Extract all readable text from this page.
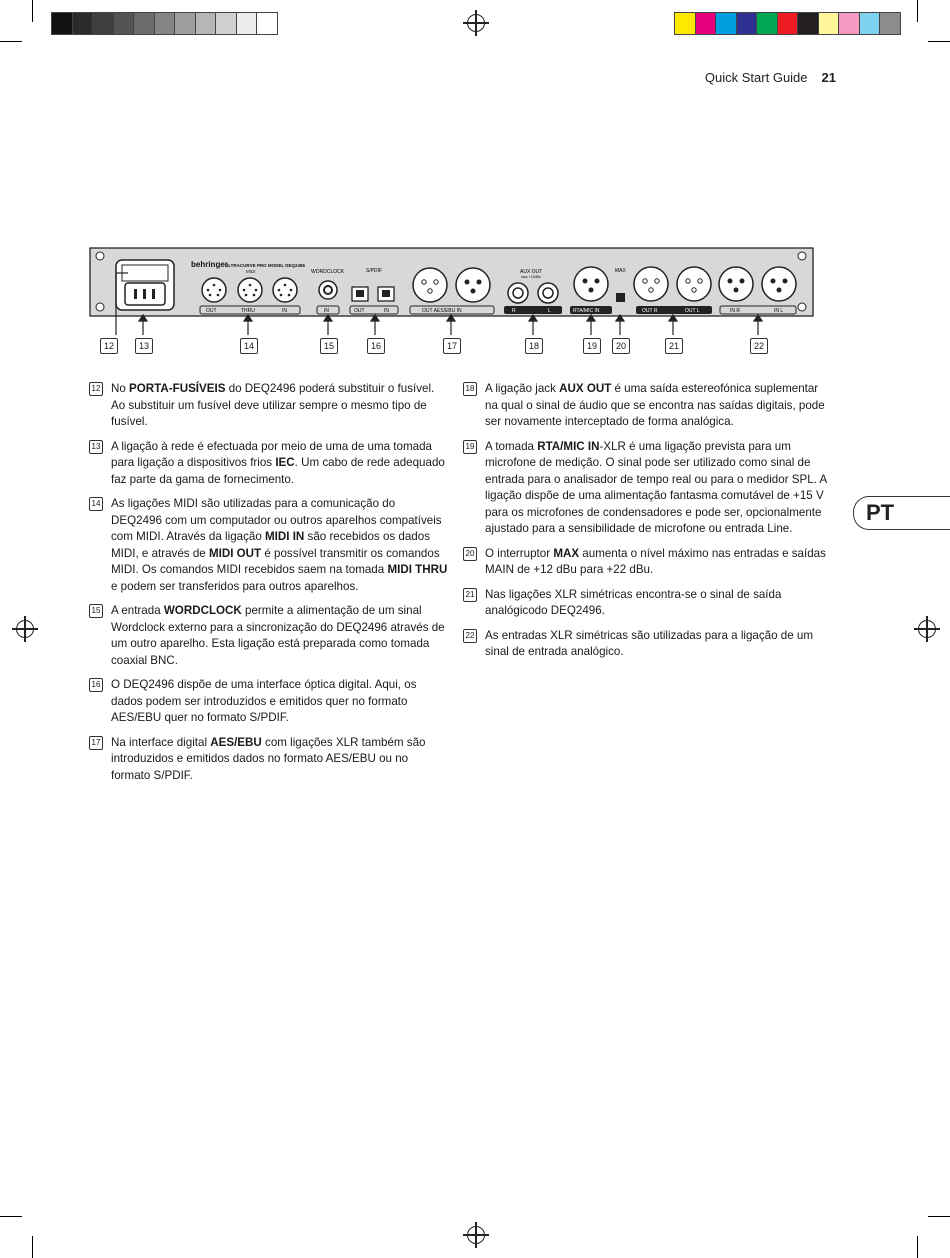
Quick Start Guide 21
behringer
ULTRACURVE PRO MODEL DEQ2496
MIDI
OUT	THRU	IN
WORDCLOCK
IN
S/PDIF
OUT	IN	OUT AES/EBU IN
AUX OUT
max +12dBu
R	L	RTA/MIC IN
MAX
OUT R	OUT L	IN R	IN L
12	13	14	15	16	17	18	19	20	21	22
12 No PORTA-FUSÍVEIS do DEQ2496 poderá substituir o fusível. Ao substituir um fusível deve utilizar sempre o mesmo tipo de fusível.
13 A ligação à rede é efectuada por meio de uma de uma tomada para ligação a dispositivos frios IEC. Um cabo de rede adequado faz parte da gama de fornecimento.
14 As ligações MIDI são utilizadas para a comunicação do DEQ2496 com um computador ou outros aparelhos compatíveis com MIDI. Através da ligação MIDI IN são recebidos os dados MIDI, e através de MIDI OUT é possível transmitir os comandos MIDI. Os comandos MIDI recebidos saem na tomada MIDI THRU e podem ser transferidos para outros aparelhos.
15 A entrada WORDCLOCK permite a alimentação de um sinal Wordclock externo para a sincronização do DEQ2496 através de um outro aparelho. Esta ligação está preparada como tomada coaxial BNC.
16 O DEQ2496 dispõe de uma interface óptica digital. Aqui, os dados podem ser introduzidos e emitidos quer no formato AES/EBU quer no formato S/PDIF.
17 Na interface digital AES/EBU com ligações XLR também são introduzidos e emitidos dados no formato AES/EBU ou no formato S/PDIF.
18 A ligação jack AUX OUT é uma saída estereofónica suplementar na qual o sinal de áudio que se encontra nas saídas digitais, pode ser novamente interceptado de forma analógica.
19 A tomada RTA/MIC IN-XLR é uma ligação prevista para um microfone de medição. O sinal pode ser utilizado como sinal de entrada para o analisador de tempo real ou para o medidor SPL. A ligação dispõe de uma alimentação fantasma comutável de +15 V para os microfones de condensadores e pode ser, opcionalmente ajustado para a sensibilidade de microfone ou entrada Line.
20 O interruptor MAX aumenta o nível máximo nas entradas e saídas MAIN de +12 dBu para +22 dBu.
21 Nas ligações XLR simétricas encontra-se o sinal de saída analógicodo DEQ2496.
22 As entradas XLR simétricas são utilizadas para a ligação de um sinal de entrada analógico.
PT
